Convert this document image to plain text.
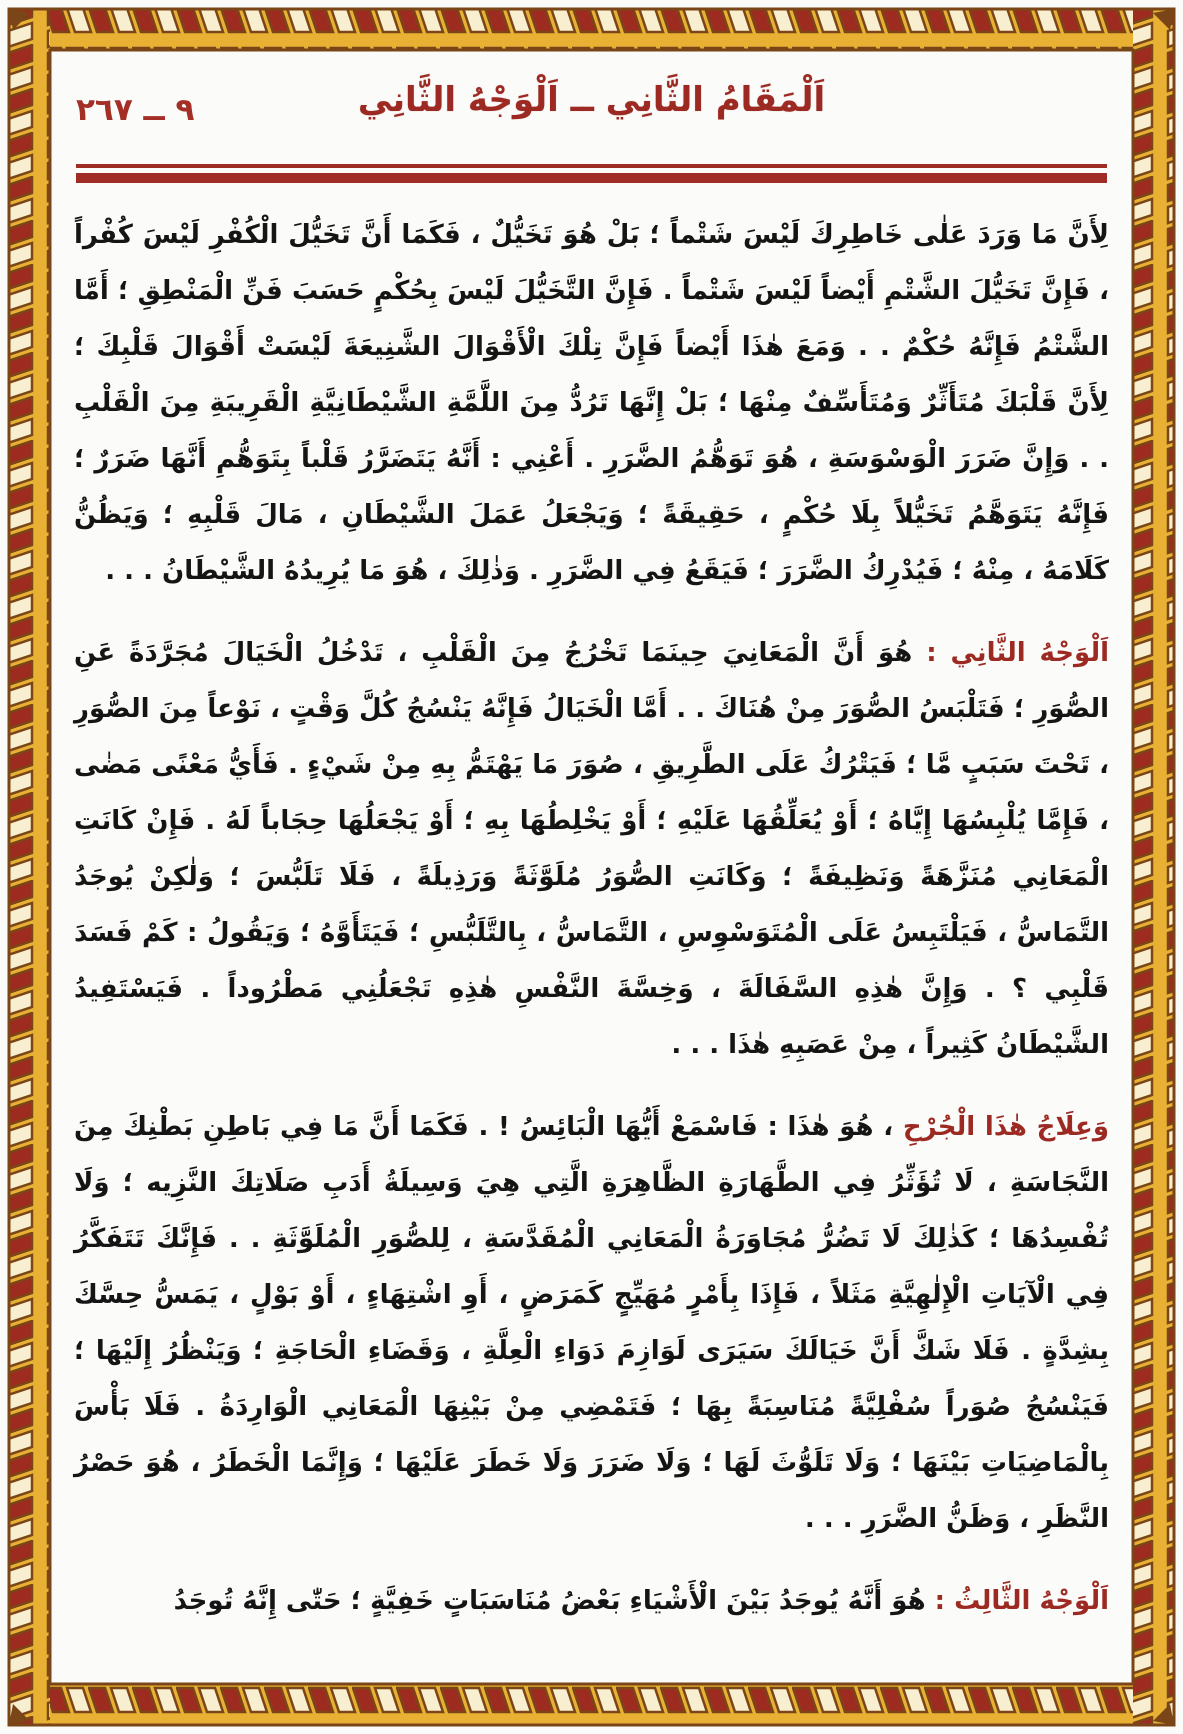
٩ ــ ٢٦٧	اَلْمَقَامُ الثَّانِي ــ اَلْوَجْهُ الثَّانِي

لِأَنَّ مَا وَرَدَ عَلٰى خَاطِرِكَ لَيْسَ شَتْماً ؛ بَلْ هُوَ تَخَيُّلٌ ، فَكَمَا أَنَّ تَخَيُّلَ الْكُفْرِ لَيْسَ كُفْراً ، فَإِنَّ تَخَيُّلَ الشَّتْمِ أَيْضاً لَيْسَ شَتْماً . فَإِنَّ التَّخَيُّلَ لَيْسَ بِحُكْمٍ حَسَبَ فَنِّ الْمَنْطِقِ ؛ أَمَّا الشَّتْمُ فَإِنَّهُ حُكْمٌ . . وَمَعَ هٰذَا أَيْضاً فَإِنَّ تِلْكَ الْأَقْوَالَ الشَّنِيعَةَ لَيْسَتْ أَقْوَالَ قَلْبِكَ ؛ لِأَنَّ قَلْبَكَ مُتَأَثِّرٌ وَمُتَأَسِّفٌ مِنْهَا ؛ بَلْ إِنَّهَا تَرُدُّ مِنَ اللَّمَّةِ الشَّيْطَانِيَّةِ الْقَرِيبَةِ مِنَ الْقَلْبِ . . وَإِنَّ ضَرَرَ الْوَسْوَسَةِ ، هُوَ تَوَهُّمُ الضَّرَرِ . أَعْنِي : أَنَّهُ يَتَضَرَّرُ قَلْباً بِتَوَهُّمِ أَنَّهَا ضَرَرٌ ؛ فَإِنَّهُ يَتَوَهَّمُ تَخَيُّلاً بِلَا حُكْمٍ ، حَقِيقَةً ؛ وَيَجْعَلُ عَمَلَ الشَّيْطَانِ ، مَالَ قَلْبِهِ ؛ وَيَظُنُّ كَلَامَهُ ، مِنْهُ ؛ فَيُدْرِكُ الضَّرَرَ ؛ فَيَقَعُ فِي الضَّرَرِ . وَذٰلِكَ ، هُوَ مَا يُرِيدُهُ الشَّيْطَانُ . . .

اَلْوَجْهُ الثَّانِي : هُوَ أَنَّ الْمَعَانِيَ حِينَمَا تَخْرُجُ مِنَ الْقَلْبِ ، تَدْخُلُ الْخَيَالَ مُجَرَّدَةً عَنِ الصُّوَرِ ؛ فَتَلْبَسُ الصُّوَرَ مِنْ هُنَاكَ . . أَمَّا الْخَيَالُ فَإِنَّهُ يَنْسُجُ كُلَّ وَقْتٍ ، نَوْعاً مِنَ الصُّوَرِ ، تَحْتَ سَبَبٍ مَّا ؛ فَيَتْرُكُ عَلَى الطَّرِيقِ ، صُوَرَ مَا يَهْتَمُّ بِهِ مِنْ شَيْءٍ . فَأَيُّ مَعْنًى مَضٰى ، فَإِمَّا يُلْبِسُهَا إِيَّاهُ ؛ أَوْ يُعَلِّقُهَا عَلَيْهِ ؛ أَوْ يَخْلِطُهَا بِهِ ؛ أَوْ يَجْعَلُهَا حِجَاباً لَهُ . فَإِنْ كَانَتِ الْمَعَانِي مُنَزَّهَةً وَنَظِيفَةً ؛ وَكَانَتِ الصُّوَرُ مُلَوَّثَةً وَرَذِيلَةً ، فَلَا تَلَبُّسَ ؛ وَلٰكِنْ يُوجَدُ التَّمَاسُّ ، فَيَلْتَبِسُ عَلَى الْمُتَوَسْوِسِ ، التَّمَاسُّ ، بِالتَّلَبُّسِ ؛ فَيَتَأَوَّهُ ؛ وَيَقُولُ : كَمْ فَسَدَ قَلْبِي ؟ . وَإِنَّ هٰذِهِ السَّفَالَةَ ، وَخِسَّةَ النَّفْسِ هٰذِهِ تَجْعَلُنِي مَطْرُوداً . فَيَسْتَفِيدُ الشَّيْطَانُ كَثِيراً ، مِنْ عَصَبِهِ هٰذَا . . .

وَعِلَاجُ هٰذَا الْجُرْحِ ، هُوَ هٰذَا : فَاسْمَعْ أَيُّهَا الْبَائِسُ ! . فَكَمَا أَنَّ مَا فِي بَاطِنِ بَطْنِكَ مِنَ النَّجَاسَةِ ، لَا تُؤَثِّرُ فِي الطَّهَارَةِ الظَّاهِرَةِ الَّتِي هِيَ وَسِيلَةُ أَدَبِ صَلَاتِكَ النَّزِيه ؛ وَلَا تُفْسِدُهَا ؛ كَذٰلِكَ لَا تَضُرُّ مُجَاوَرَةُ الْمَعَانِي الْمُقَدَّسَةِ ، لِلصُّوَرِ الْمُلَوَّثَةِ . . فَإِنَّكَ تَتَفَكَّرُ فِي الْآيَاتِ الْإِلٰهِيَّةِ مَثَلاً ، فَإِذَا بِأَمْرٍ مُهَيِّجٍ كَمَرَضٍ ، أَوِ اشْتِهَاءٍ ، أَوْ بَوْلٍ ، يَمَسُّ حِسَّكَ بِشِدَّةٍ . فَلَا شَكَّ أَنَّ خَيَالَكَ سَيَرَى لَوَازِمَ دَوَاءِ الْعِلَّةِ ، وَقَضَاءِ الْحَاجَةِ ؛ وَيَنْظُرُ إِلَيْهَا ؛ فَيَنْسُجُ صُوَراً سُفْلِيَّةً مُنَاسِبَةً بِهَا ؛ فَتَمْضِي مِنْ بَيْنِهَا الْمَعَانِي الْوَارِدَةُ . فَلَا بَأْسَ بِالْمَاضِيَاتِ بَيْنَهَا ؛ وَلَا تَلَوُّثَ لَهَا ؛ وَلَا ضَرَرَ وَلَا خَطَرَ عَلَيْهَا ؛ وَإِنَّمَا الْخَطَرُ ، هُوَ حَصْرُ النَّظَرِ ، وَظَنُّ الضَّرَرِ . . .

اَلْوَجْهُ الثَّالِثُ : هُوَ أَنَّهُ يُوجَدُ بَيْنَ الْأَشْيَاءِ بَعْضُ مُنَاسَبَاتٍ خَفِيَّةٍ ؛ حَتّٰى إِنَّهُ تُوجَدُ
